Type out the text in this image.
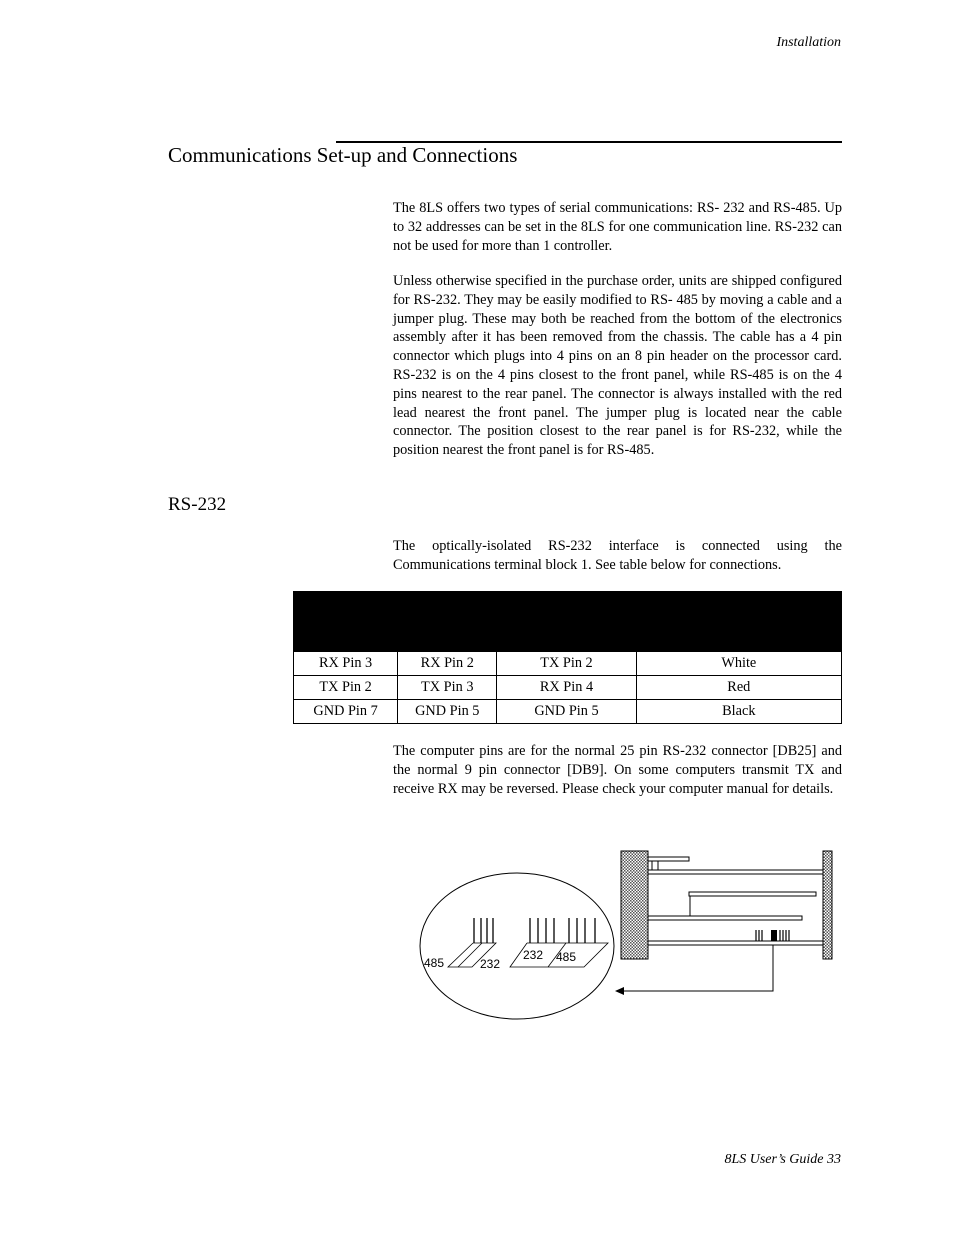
Installation
Communications Set-up and Connections

The 8LS offers two types of serial communications: RS- 232 and RS-485. Up to 32 addresses can be set in the 8LS for one communication line. RS-232 can not be used for more than 1 controller.

Unless otherwise specified in the purchase order, units are shipped configured for RS-232. They may be easily modified to RS- 485 by moving a cable and a jumper plug. These may both be reached from the bottom of the electronics assembly after it has been removed from the chassis. The cable has a 4 pin connector which plugs into 4 pins on an 8 pin header on the processor card. RS-232 is on the 4 pins closest to the front panel, while RS-485 is on the 4 pins nearest to the rear panel. The connector is always installed with the red lead nearest the front panel. The jumper plug is located near the cable connector. The position closest to the rear panel is for RS-232, while the position nearest the front panel is for RS-485.

RS-232

The optically-isolated RS-232 interface is connected using the Communications terminal block 1. See table below for connections.

RX Pin 3	RX Pin 2	TX Pin 2	White
TX Pin 2	TX Pin 3	RX Pin 4	Red
GND Pin 7	GND Pin 5	GND Pin 5	Black

The computer pins are for the normal 25 pin RS-232 connector [DB25] and the normal 9 pin connector [DB9]. On some computers transmit TX and receive RX may be reversed. Please check your computer manual for details.

485	232
232 485
8LS User’s Guide 33
